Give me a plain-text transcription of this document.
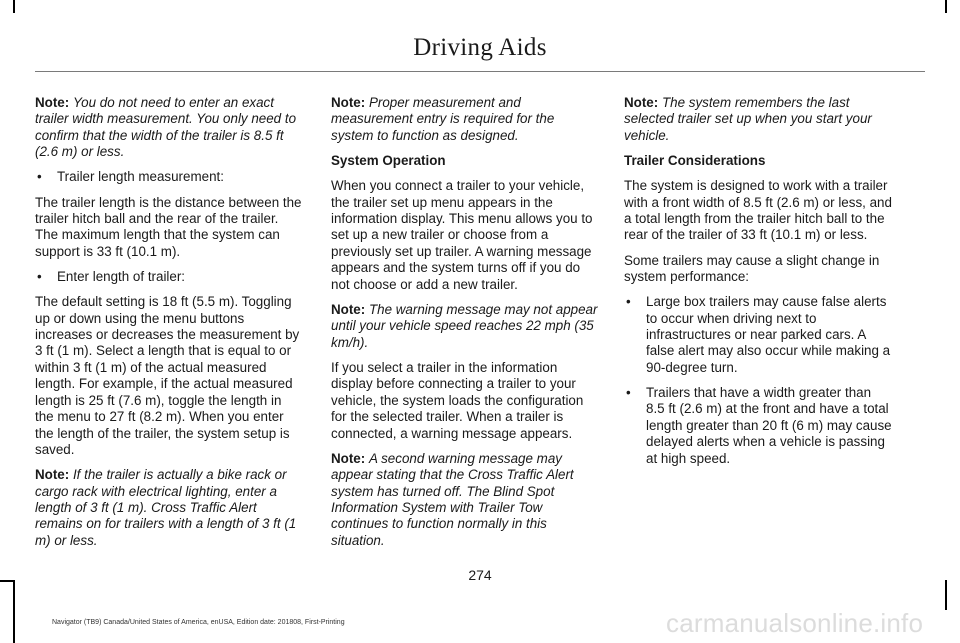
Driving Aids

Note: You do not need to enter an exact trailer width measurement. You only need to confirm that the width of the trailer is 8.5 ft (2.6 m) or less.

• Trailer length measurement:

The trailer length is the distance between the trailer hitch ball and the rear of the trailer. The maximum length that the system can support is 33 ft (10.1 m).

• Enter length of trailer:

The default setting is 18 ft (5.5 m). Toggling up or down using the menu buttons increases or decreases the measurement by 3 ft (1 m). Select a length that is equal to or within 3 ft (1 m) of the actual measured length. For example, if the actual measured length is 25 ft (7.6 m), toggle the length in the menu to 27 ft (8.2 m). When you enter the length of the trailer, the system setup is saved.

Note: If the trailer is actually a bike rack or cargo rack with electrical lighting, enter a length of 3 ft (1 m). Cross Traffic Alert remains on for trailers with a length of 3 ft (1 m) or less.

Note: Proper measurement and measurement entry is required for the system to function as designed.

System Operation

When you connect a trailer to your vehicle, the trailer set up menu appears in the information display. This menu allows you to set up a new trailer or choose from a previously set up trailer. A warning message appears and the system turns off if you do not choose or add a new trailer.

Note: The warning message may not appear until your vehicle speed reaches 22 mph (35 km/h).

If you select a trailer in the information display before connecting a trailer to your vehicle, the system loads the configuration for the selected trailer. When a trailer is connected, a warning message appears.

Note: A second warning message may appear stating that the Cross Traffic Alert system has turned off. The Blind Spot Information System with Trailer Tow continues to function normally in this situation.

Note: The system remembers the last selected trailer set up when you start your vehicle.

Trailer Considerations

The system is designed to work with a trailer with a front width of 8.5 ft (2.6 m) or less, and a total length from the trailer hitch ball to the rear of the trailer of 33 ft (10.1 m) or less.

Some trailers may cause a slight change in system performance:

• Large box trailers may cause false alerts to occur when driving next to infrastructures or near parked cars. A false alert may also occur while making a 90-degree turn.
• Trailers that have a width greater than 8.5 ft (2.6 m) at the front and have a total length greater than 20 ft (6 m) may cause delayed alerts when a vehicle is passing at high speed.
274
Navigator (TB9) Canada/United States of America, enUSA, Edition date: 201808, First-Printing	carmanualsonline.info
